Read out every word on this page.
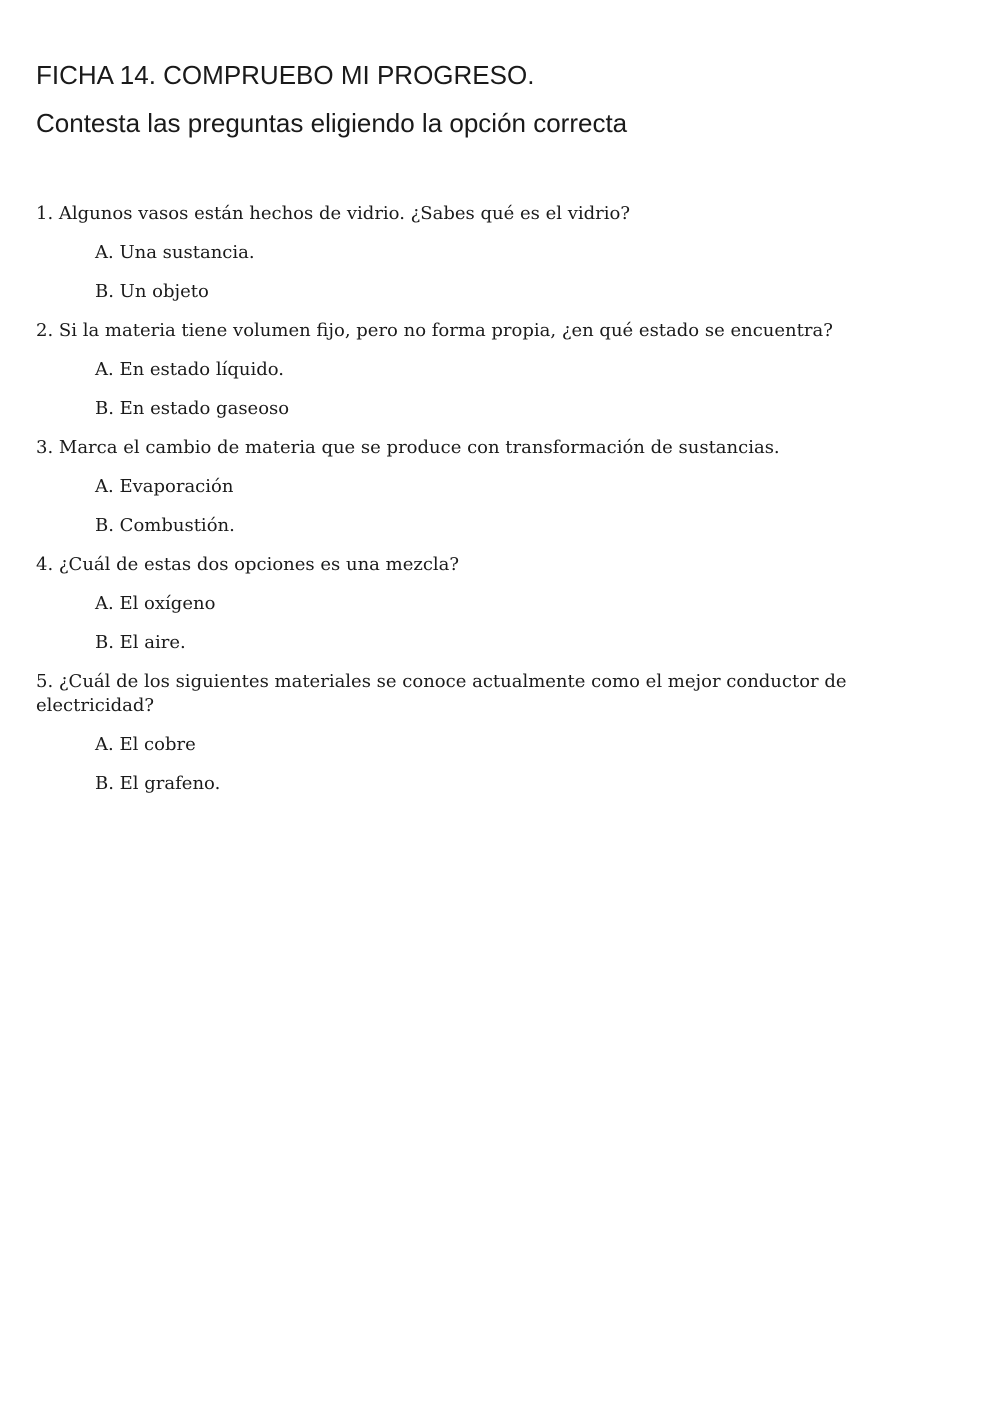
FICHA 14. COMPRUEBO MI PROGRESO.
Contesta las preguntas eligiendo la opción correcta

1. Algunos vasos están hechos de vidrio. ¿Sabes qué es el vidrio?

A. Una sustancia.
B. Un objeto

2. Si la materia tiene volumen fijo, pero no forma propia, ¿en qué estado se encuentra?

A. En estado líquido.
B. En estado gaseoso

3. Marca el cambio de materia que se produce con transformación de sustancias.

A. Evaporación
B. Combustión.

4. ¿Cuál de estas dos opciones es una mezcla?

A. El oxígeno
B. El aire.

5. ¿Cuál de los siguientes materiales se conoce actualmente como el mejor conductor de electricidad?

A. El cobre
B. El grafeno.
